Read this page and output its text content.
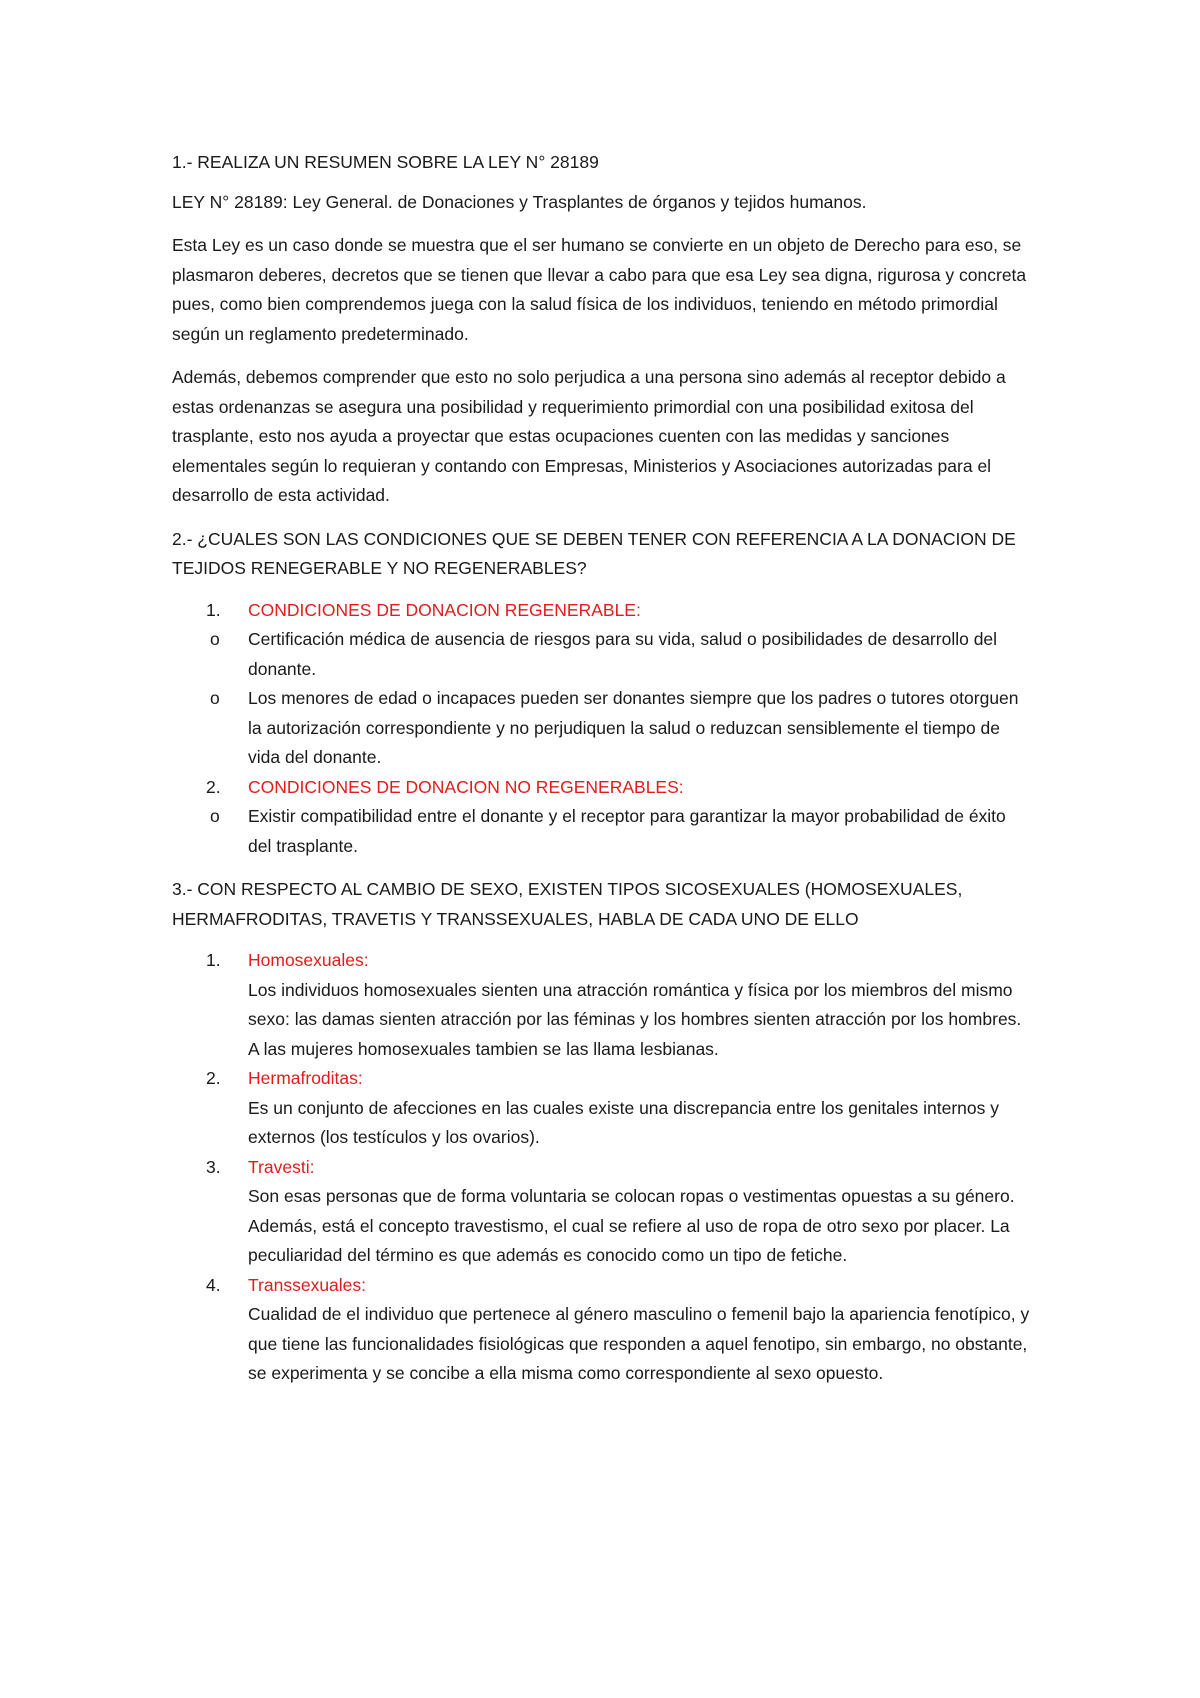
1.- REALIZA UN RESUMEN SOBRE LA LEY N° 28189

LEY N° 28189: Ley General. de Donaciones y Trasplantes de órganos y tejidos humanos.

Esta Ley es un caso donde se muestra que el ser humano se convierte en un objeto de Derecho para eso, se plasmaron deberes, decretos que se tienen que llevar a cabo para que esa Ley sea digna, rigurosa y concreta pues, como bien comprendemos juega con la salud física de los individuos, teniendo en método primordial según un reglamento predeterminado.

Además, debemos comprender que esto no solo perjudica a una persona sino además al receptor debido a estas ordenanzas se asegura una posibilidad y requerimiento primordial con una posibilidad exitosa del trasplante, esto nos ayuda a proyectar que estas ocupaciones cuenten con las medidas y sanciones elementales según lo requieran y contando con Empresas, Ministerios y Asociaciones autorizadas para el desarrollo de esta actividad.

2.- ¿CUALES SON LAS CONDICIONES QUE SE DEBEN TENER CON REFERENCIA A LA DONACION DE TEJIDOS RENEGERABLE Y NO REGENERABLES?

1.	CONDICIONES DE DONACION REGENERABLE:
o Certificación médica de ausencia de riesgos para su vida, salud o posibilidades de desarrollo del donante.
o Los menores de edad o incapaces pueden ser donantes siempre que los padres o tutores otorguen la autorización correspondiente y no perjudiquen la salud o reduzcan sensiblemente el tiempo de vida del donante.
2.	CONDICIONES DE DONACION NO REGENERABLES:
o Existir compatibilidad entre el donante y el receptor para garantizar la mayor probabilidad de éxito del trasplante.

3.- CON RESPECTO AL CAMBIO DE SEXO, EXISTEN TIPOS SICOSEXUALES (HOMOSEXUALES, HERMAFRODITAS, TRAVETIS Y TRANSSEXUALES, HABLA DE CADA UNO DE ELLO

1.	Homosexuales:
Los individuos homosexuales sienten una atracción romántica y física por los miembros del mismo sexo: las damas sienten atracción por las féminas y los hombres sienten atracción por los hombres. A las mujeres homosexuales tambien se las llama lesbianas.
2.	Hermafroditas:
Es un conjunto de afecciones en las cuales existe una discrepancia entre los genitales internos y externos (los testículos y los ovarios).
3.	Travesti:
Son esas personas que de forma voluntaria se colocan ropas o vestimentas opuestas a su género. Además, está el concepto travestismo, el cual se refiere al uso de ropa de otro sexo por placer. La peculiaridad del término es que además es conocido como un tipo de fetiche.
4.	Transsexuales:
Cualidad de el individuo que pertenece al género masculino o femenil bajo la apariencia fenotípico, y que tiene las funcionalidades fisiológicas que responden a aquel fenotipo, sin embargo, no obstante, se experimenta y se concibe a ella misma como correspondiente al sexo opuesto.
